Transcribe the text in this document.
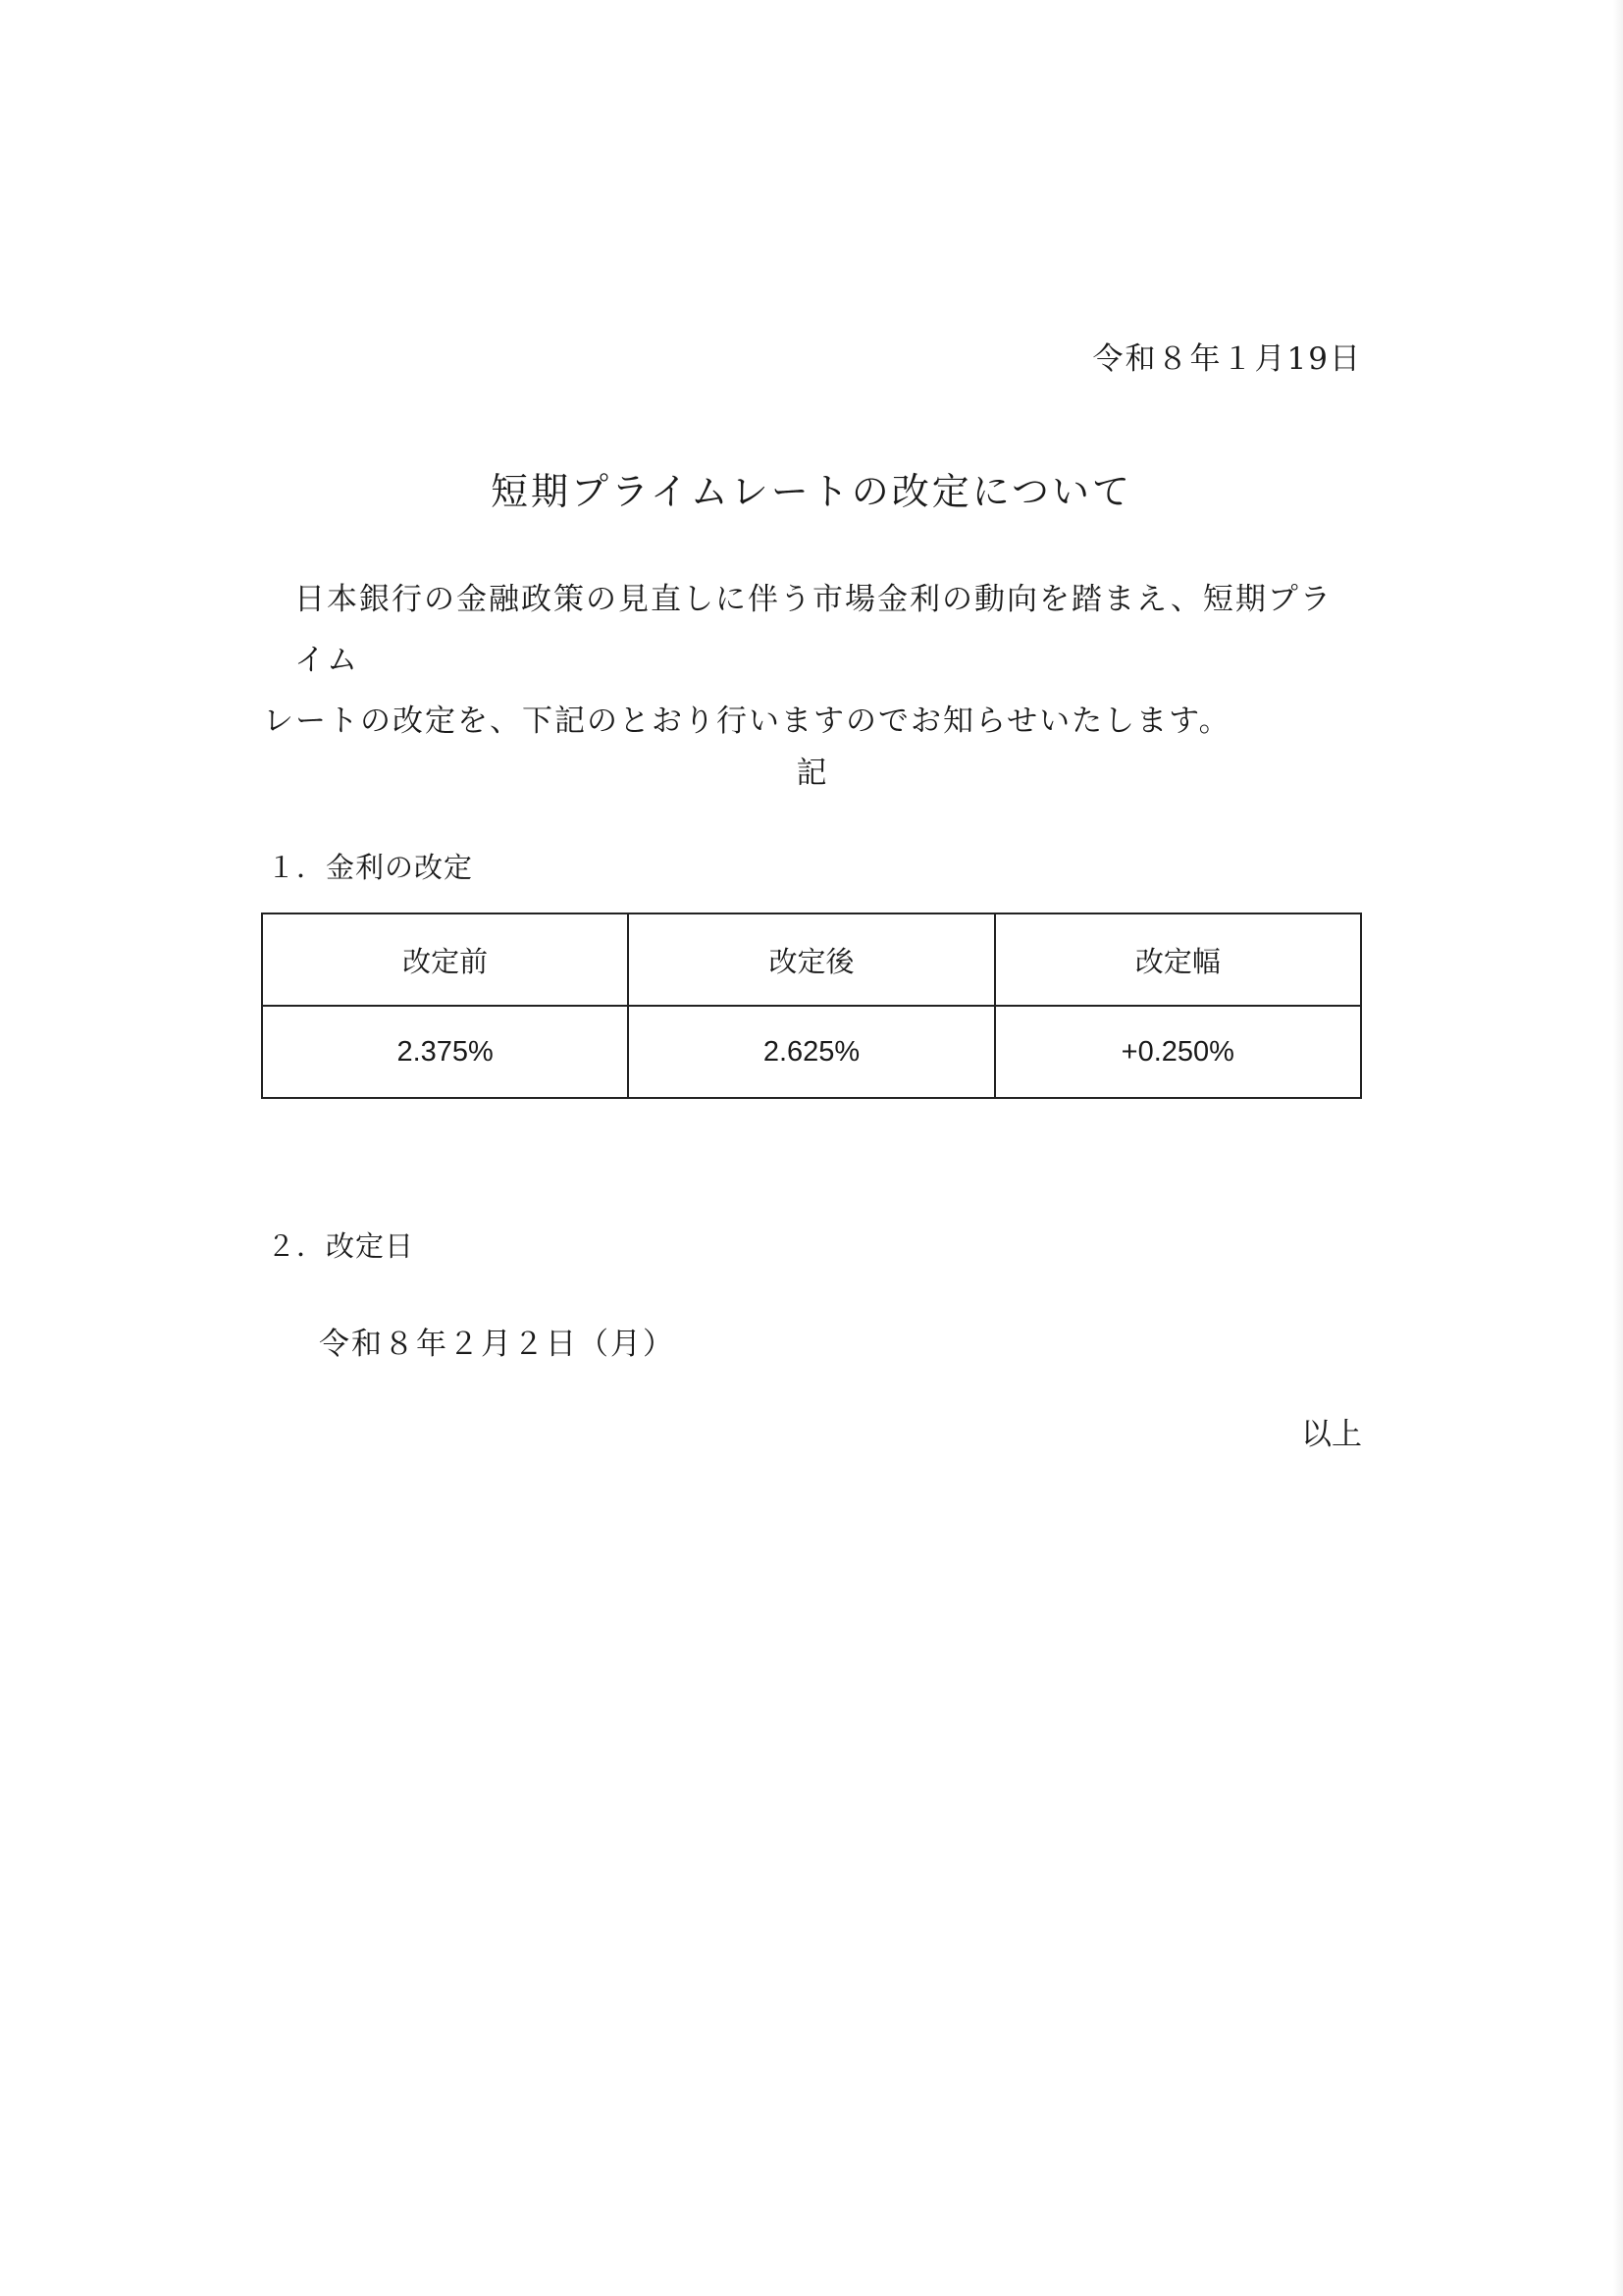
令和８年１月19日
短期プライムレートの改定について
日本銀行の金融政策の見直しに伴う市場金利の動向を踏まえ、短期プライム
レートの改定を、下記のとおり行いますのでお知らせいたします。
記
１．金利の改定
改定前	改定後	改定幅
2.375%	2.625%	+0.250%
２．改定日
令和８年２月２日（月）
以上
